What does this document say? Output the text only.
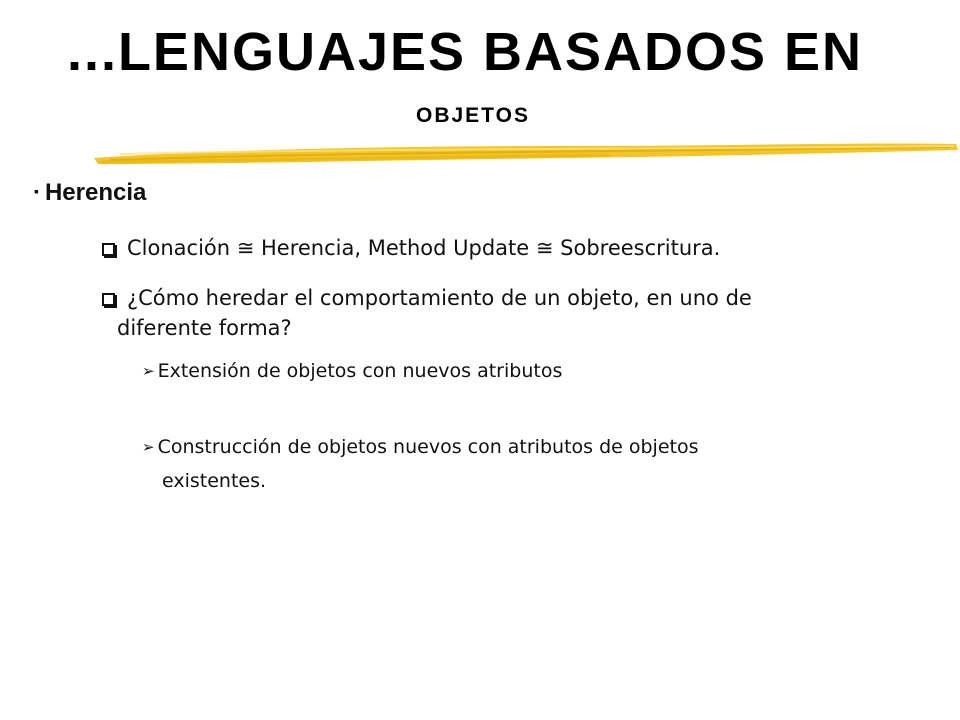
...LENGUAJES BASADOS EN
OBJETOS
▪ Herencia
Clonación ≅ Herencia, Method Update ≅ Sobreescritura.
¿Cómo heredar el comportamiento de un objeto, en uno de
diferente forma?
➢ Extensión de objetos con nuevos atributos
➢ Construcción de objetos nuevos con atributos de objetos
existentes.
